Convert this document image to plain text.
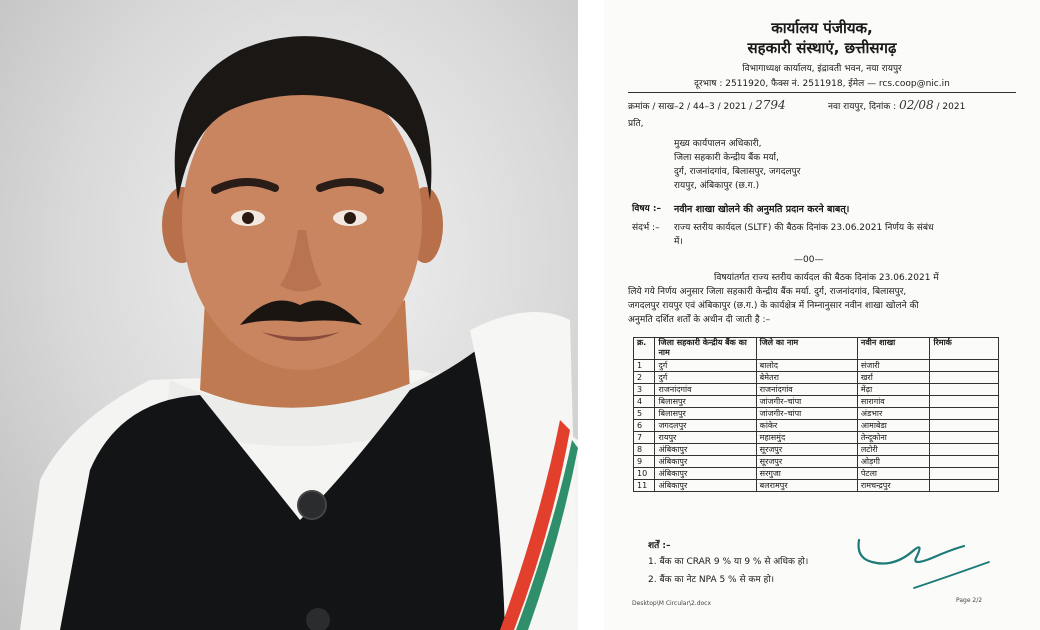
कार्यालय पंजीयक,
सहकारी संस्थाएं, छत्तीसगढ़
विभागाध्यक्ष कार्यालय, इंद्रावती भवन, नया रायपुर
दूरभाष : 2511920, फैक्स नं. 2511918, ईमेल — rcs.coop@nic.in
क्रमांक / साख–2 / 44–3 / 2021 / 2794	नवा रायपुर, दिनांक : 02/08 / 2021
प्रति,
मुख्य कार्यपालन अधिकारी,
जिला सहकारी केन्द्रीय बैंक मर्या,
दुर्ग, राजनांदगांव, बिलासपुर, जगदलपुर
रायपुर, अंबिकापुर (छ.ग.)
विषय :– नवीन शाखा खोलने की अनुमति प्रदान करने बाबत्।
संदर्भ :– राज्य स्तरीय कार्यदल (SLTF) की बैठक दिनांक 23.06.2021 निर्णय के संबंध
में।
—00—
विषयांतर्गत राज्य स्तरीय कार्यदल की बैठक दिनांक 23.06.2021 में
लिये गये निर्णय अनुसार जिला सहकारी केन्द्रीय बैंक मर्या. दुर्ग, राजनांदगांव, बिलासपुर,
जगदलपुर रायपुर एवं अंबिकापुर (छ.ग.) के कार्यक्षेत्र में निम्नानुसार नवीन शाखा खोलने की
अनुमति दर्शित शर्तों के अधीन दी जाती है :–
क्र.	जिला सहकारी केन्द्रीय बैंक का नाम	जिले का नाम	नवीन शाखा	रिमार्क
1	दुर्ग	बालोद	संजारी	
2	दुर्ग	बेमेतरा	खर्रा	
3	राजनांदगांव	राजनांदगांव	मेंढ़ा	
4	बिलासपुर	जांजगीर–चांपा	सारागांव	
5	बिलासपुर	जांजगीर–चांपा	अंडभार	
6	जगदलपुर	कांकेर	आमाबेडा	
7	रायपुर	महासमुंद	तेन्दूकोना	
8	अंबिकापुर	सूरजपुर	लटोरी	
9	अंबिकापुर	सूरजपुर	ओड़गी	
10	अंबिकापुर	सरगुजा	पेटला	
11	अंबिकापुर	बलरामपुर	रामचन्द्रपुर	
शर्तें :–
1. बैंक का CRAR 9 % या 9 % से अधिक हो।
2. बैंक का नेट NPA 5 % से कम हो।
Desktop\M Circular\2.docx	Page 2/2
